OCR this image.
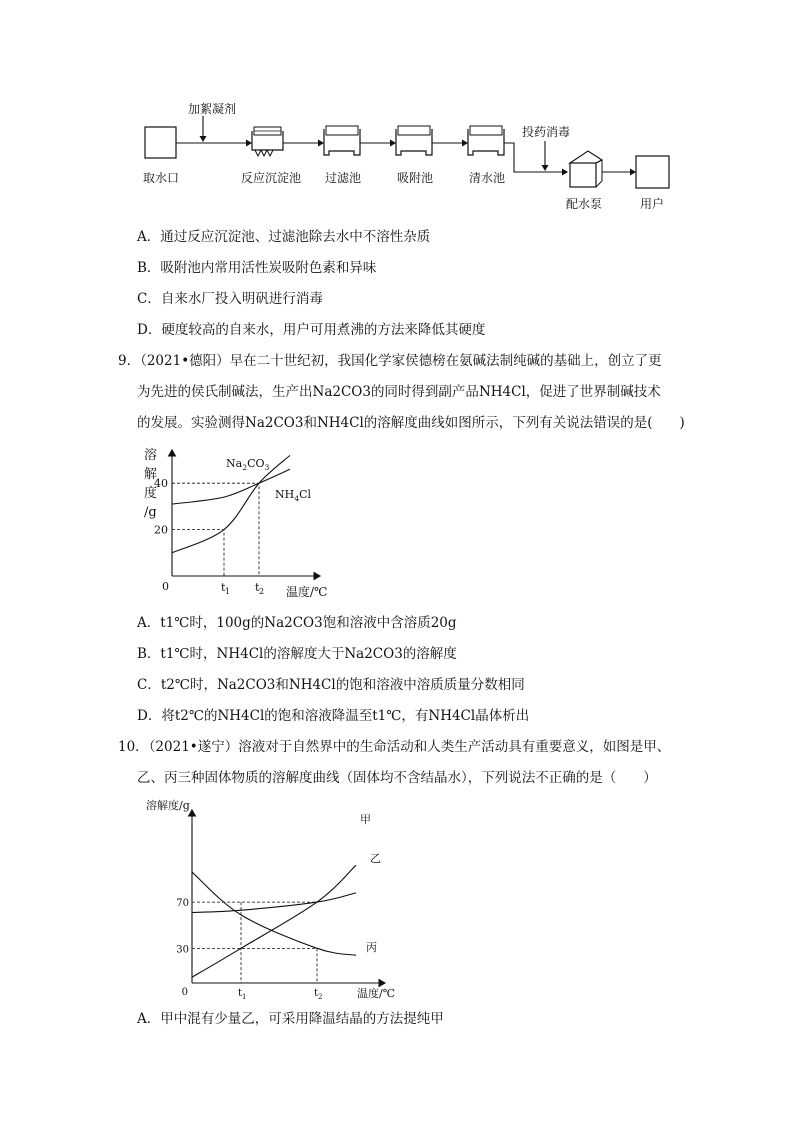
加絮凝剂
取水口	反应沉淀池 过滤池	吸附池	清水池
投药消毒
配水泵	用户
A．通过反应沉淀池、过滤池除去水中不溶性杂质
B．吸附池内常用活性炭吸附色素和异味
C．自来水厂投入明矾进行消毒
D．硬度较高的自来水，用户可用煮沸的方法来降低其硬度
9．（2021•德阳）早在二十世纪初，我国化学家侯德榜在氨碱法制纯碱的基础上，创立了更
为先进的侯氏制碱法，生产出Na2CO3的同时得到副产品NH4Cl，促进了世界制碱技术
的发展。实验测得Na2CO3和NH4Cl的溶解度曲线如图所示，下列有关说法错误的是(　　)
溶
解
度
/g
0
20
40
t 1 t 2 温度/℃
$Na_2CO_3$
$NH_4Cl$
A．t1℃时，100g的Na2CO3饱和溶液中含溶质20g
B．t1℃时，NH4Cl的溶解度大于Na2CO3的溶解度
C．t2℃时，Na2CO3和NH4Cl的饱和溶液中溶质质量分数相同
D．将t2℃的NH4Cl的饱和溶液降温至t1℃，有NH4Cl晶体析出
10．（2021•遂宁）溶液对于自然界中的生命活动和人类生产活动具有重要意义，如图是甲、
乙、丙三种固体物质的溶解度曲线（固体均不含结晶水），下列说法不正确的是（　　）
溶解度/g
0
30
70
t 1	t 2	温度/℃
甲
乙
丙
A．甲中混有少量乙，可采用降温结晶的方法提纯甲
